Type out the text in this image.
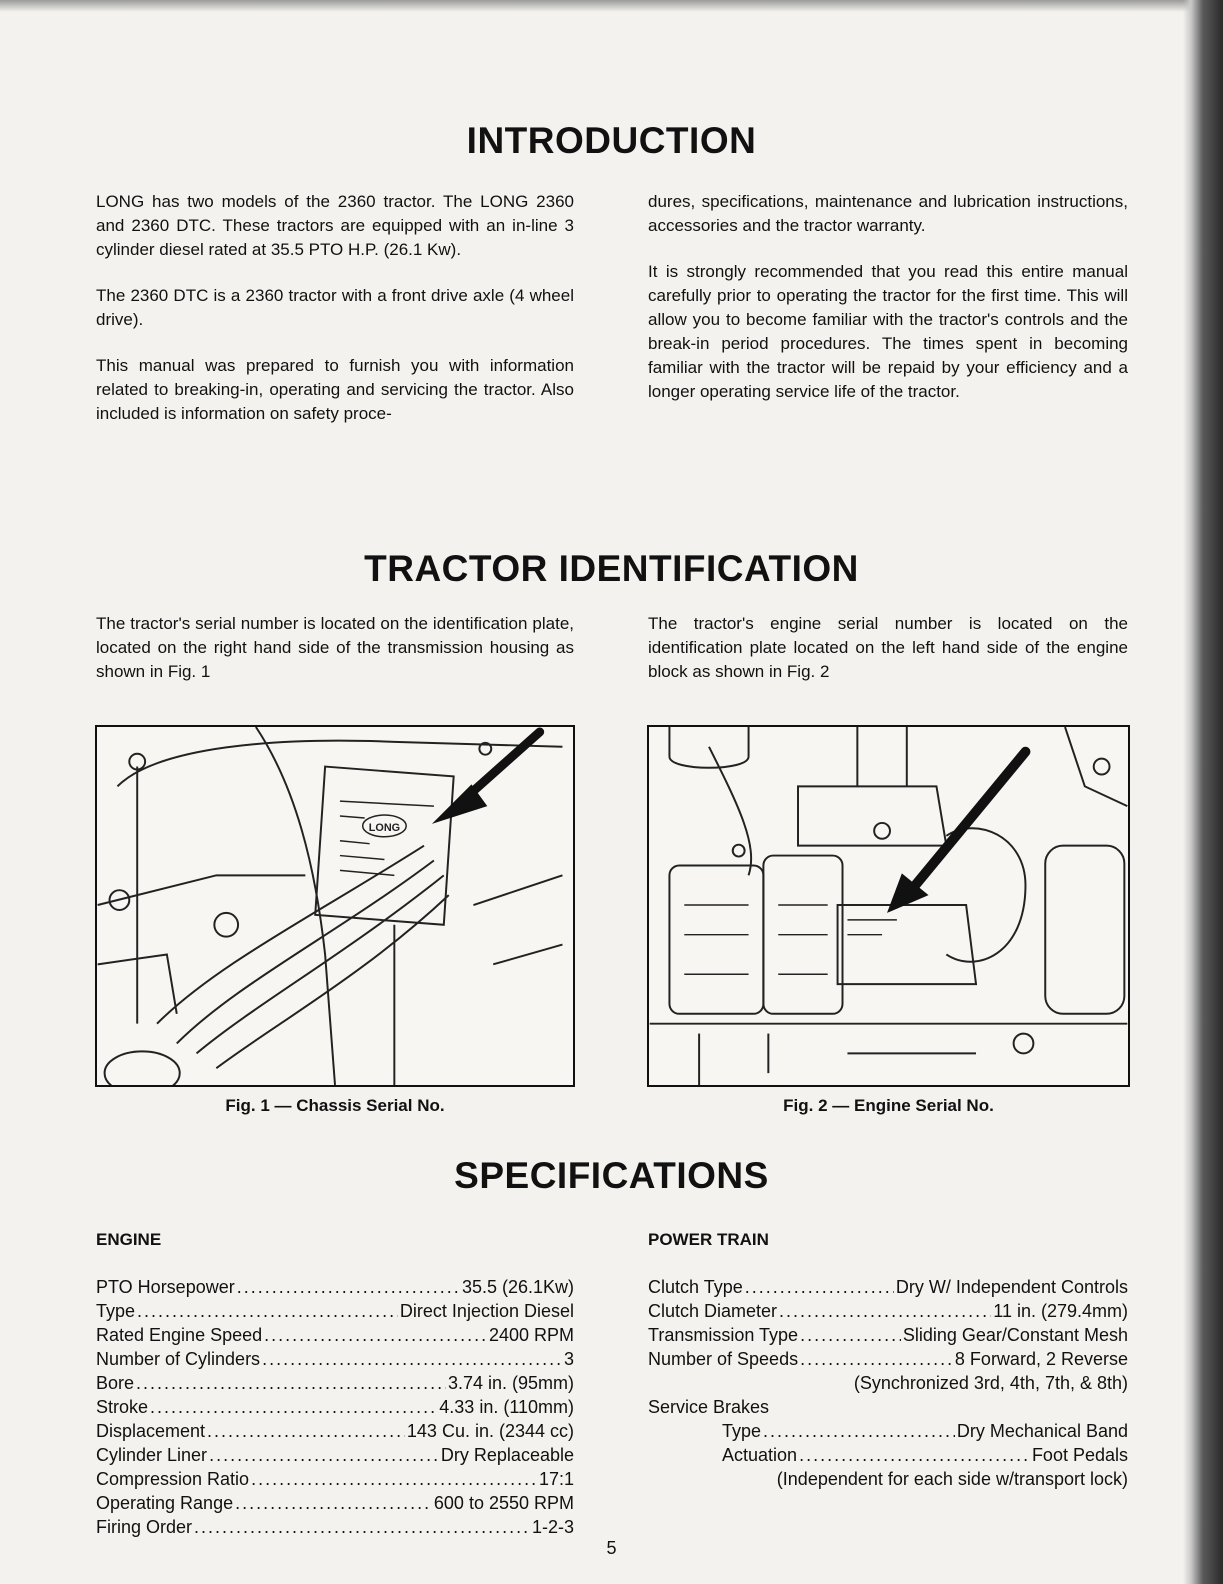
INTRODUCTION

LONG has two models of the 2360 tractor. The LONG 2360 and 2360 DTC. These tractors are equipped with an in-line 3 cylinder diesel rated at 35.5 PTO H.P. (26.1 Kw).

The 2360 DTC is a 2360 tractor with a front drive axle (4 wheel drive).

This manual was prepared to furnish you with information related to breaking-in, operating and servicing the tractor. Also included is information on safety proce-

dures, specifications, maintenance and lubrication instructions, accessories and the tractor warranty.

It is strongly recommended that you read this entire manual carefully prior to operating the tractor for the first time. This will allow you to become familiar with the tractor's controls and the break-in period procedures. The times spent in becoming familiar with the tractor will be repaid by your efficiency and a longer operating service life of the tractor.

TRACTOR IDENTIFICATION
The tractor's serial number is located on the identification plate, located on the right hand side of the transmission housing as shown in Fig. 1
The tractor's engine serial number is located on the identification plate located on the left hand side of the engine block as shown in Fig. 2
LONG
Fig. 1 — Chassis Serial No.	Fig. 2 — Engine Serial No.
SPECIFICATIONS
ENGINE
PTO Horsepower .....	35.5 (26.1Kw)
Type .....	Direct Injection Diesel
Rated Engine Speed .....	2400 RPM
Number of Cylinders .....	3
Bore .....	3.74 in. (95mm)
Stroke .....	4.33 in. (110mm)
Displacement .....	143 Cu. in. (2344 cc)
Cylinder Liner .....	Dry Replaceable
Compression Ratio .....	17:1
Operating Range .....	600 to 2550 RPM
Firing Order .....	1-2-3
POWER TRAIN
Clutch Type .....	Dry W/ Independent Controls
Clutch Diameter .....	11 in. (279.4mm)
Transmission Type .....	Sliding Gear/Constant Mesh
Number of Speeds .....	8 Forward, 2 Reverse
(Synchronized 3rd, 4th, 7th, & 8th)
Service Brakes
Type .....	Dry Mechanical Band
Actuation .....	Foot Pedals
(Independent for each side w/transport lock)
5
